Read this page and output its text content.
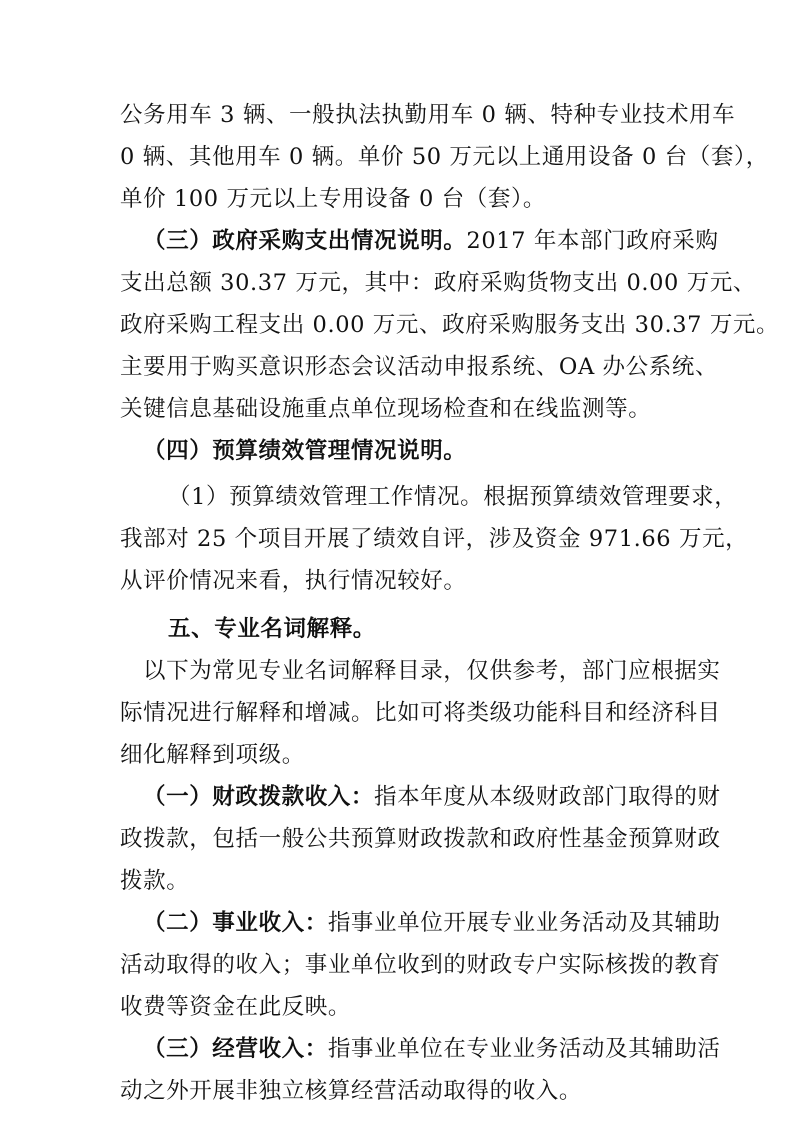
公务用车 3 辆、一般执法执勤用车 0 辆、特种专业技术用车
0 辆、其他用车 0 辆。单价 50 万元以上通用设备 0 台（套），
单价 100 万元以上专用设备 0 台（套）。
（三）政府采购支出情况说明。2017 年本部门政府采购
支出总额 30.37 万元，其中：政府采购货物支出 0.00 万元、
政府采购工程支出 0.00 万元、政府采购服务支出 30.37 万元。
主要用于购买意识形态会议活动申报系统、OA 办公系统、
关键信息基础设施重点单位现场检查和在线监测等。
（四）预算绩效管理情况说明。
（1）预算绩效管理工作情况。根据预算绩效管理要求，
我部对 25 个项目开展了绩效自评，涉及资金 971.66 万元，
从评价情况来看，执行情况较好。
五、专业名词解释。
以下为常见专业名词解释目录，仅供参考，部门应根据实
际情况进行解释和增减。比如可将类级功能科目和经济科目
细化解释到项级。
（一）财政拨款收入：指本年度从本级财政部门取得的财
政拨款，包括一般公共预算财政拨款和政府性基金预算财政
拨款。
（二）事业收入：指事业单位开展专业业务活动及其辅助
活动取得的收入；事业单位收到的财政专户实际核拨的教育
收费等资金在此反映。
（三）经营收入：指事业单位在专业业务活动及其辅助活
动之外开展非独立核算经营活动取得的收入。
